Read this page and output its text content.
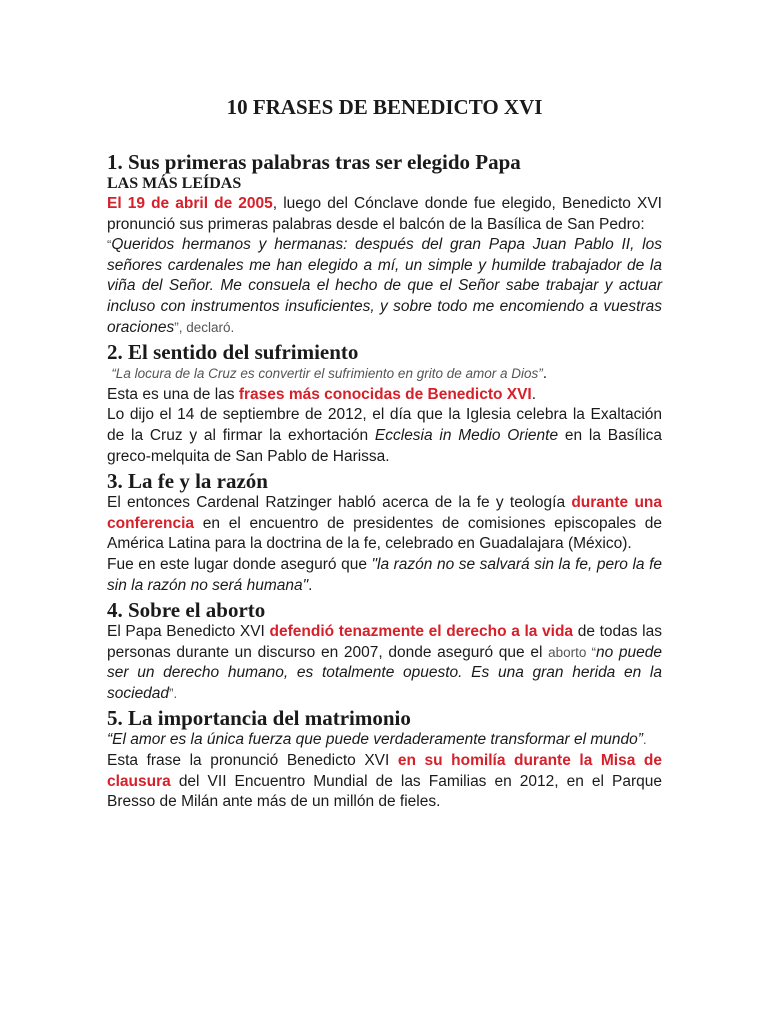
10 FRASES DE BENEDICTO XVI
1. Sus primeras palabras tras ser elegido Papa
LAS MÁS LEÍDAS

El 19 de abril de 2005, luego del Cónclave donde fue elegido, Benedicto XVI pronunció sus primeras palabras desde el balcón de la Basílica de San Pedro:

“Queridos hermanos y hermanas: después del gran Papa Juan Pablo II, los señores cardenales me han elegido a mí, un simple y humilde trabajador de la viña del Señor. Me consuela el hecho de que el Señor sabe trabajar y actuar incluso con instrumentos insuficientes, y sobre todo me encomiendo a vuestras oraciones”, declaró.

2. El sentido del sufrimiento

“La locura de la Cruz es convertir el sufrimiento en grito de amor a Dios”.

Esta es una de las frases más conocidas de Benedicto XVI.

Lo dijo el 14 de septiembre de 2012, el día que la Iglesia celebra la Exaltación de la Cruz y al firmar la exhortación Ecclesia in Medio Oriente en la Basílica greco-melquita de San Pablo de Harissa.

3. La fe y la razón

El entonces Cardenal Ratzinger habló acerca de la fe y teología durante una conferencia en el encuentro de presidentes de comisiones episcopales de América Latina para la doctrina de la fe, celebrado en Guadalajara (México).

Fue en este lugar donde aseguró que "la razón no se salvará sin la fe, pero la fe sin la razón no será humana".

4. Sobre el aborto

El Papa Benedicto XVI defendió tenazmente el derecho a la vida de todas las personas durante un discurso en 2007, donde aseguró que el aborto “no puede ser un derecho humano, es totalmente opuesto. Es una gran herida en la sociedad”.

5. La importancia del matrimonio

“El amor es la única fuerza que puede verdaderamente transformar el mundo”.

Esta frase la pronunció Benedicto XVI en su homilía durante la Misa de clausura del VII Encuentro Mundial de las Familias en 2012, en el Parque Bresso de Milán ante más de un millón de fieles.
